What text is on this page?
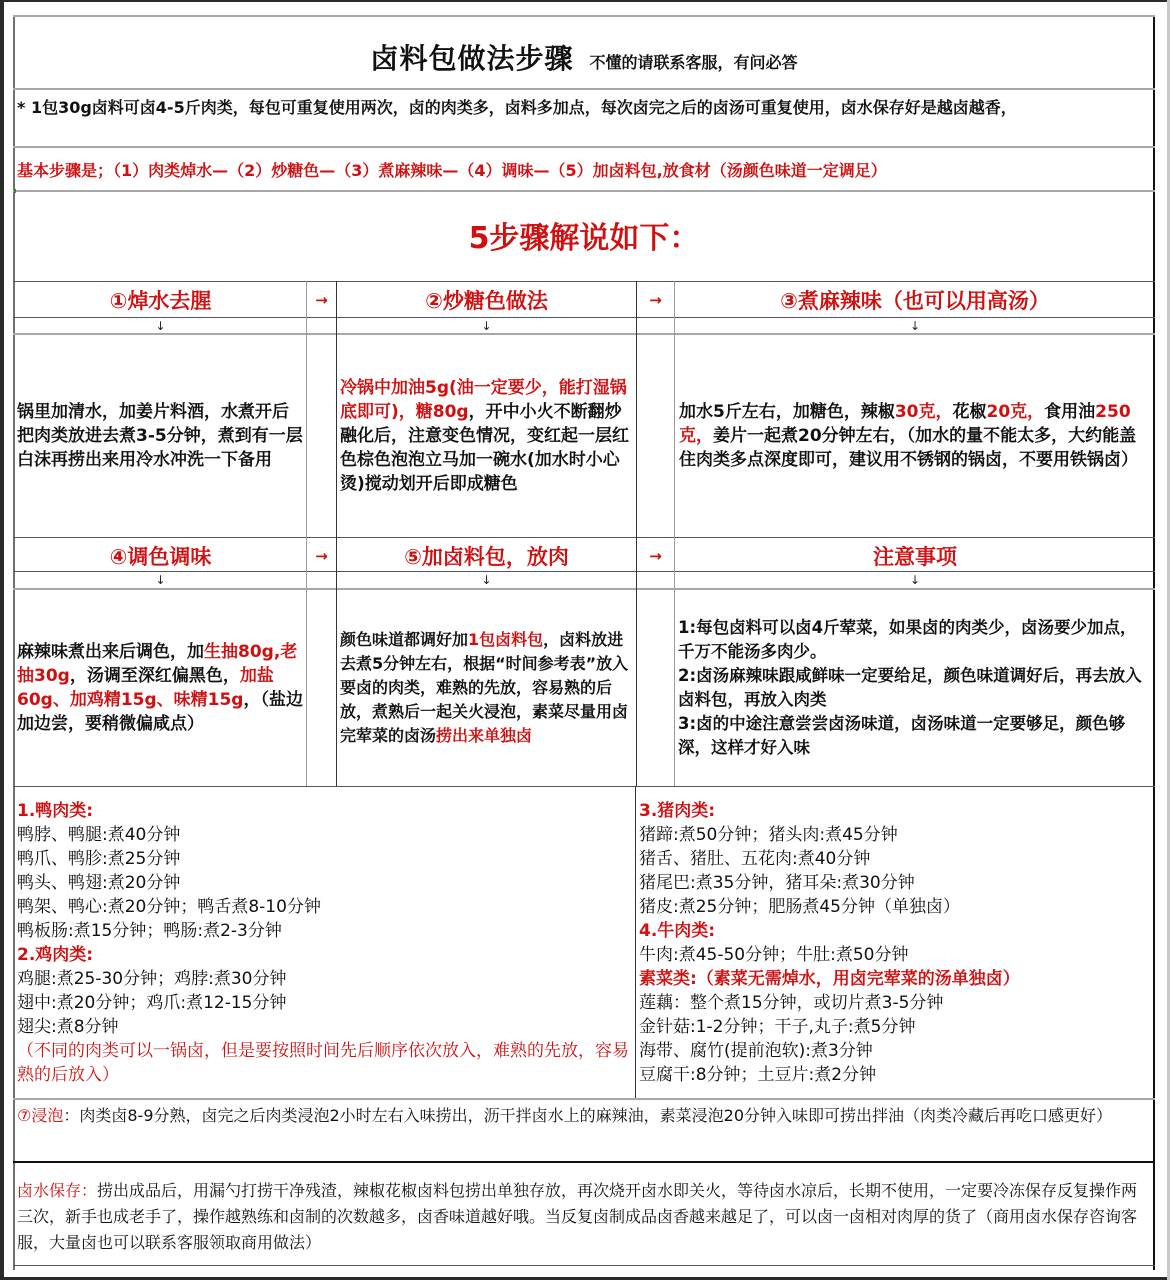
卤料包做法步骤 不懂的请联系客服，有问必答
* 1包30g卤料可卤4-5斤肉类，每包可重复使用两次，卤的肉类多，卤料多加点，每次卤完之后的卤汤可重复使用，卤水保存好是越卤越香，
基本步骤是；（1）肉类焯水—（2）炒糖色—（3）煮麻辣味—（4）调味—（5）加卤料包,放食材（汤颜色味道一定调足）
5步骤解说如下：
①焯水去腥	→	②炒糖色做法	→	③煮麻辣味（也可以用高汤）
↓	↓	↓
锅里加清水，加姜片料酒，水煮开后把肉类放进去煮3-5分钟，煮到有一层白沫再捞出来用冷水冲洗一下备用
冷锅中加油5g(油一定要少，能打湿锅底即可)，糖80g，开中小火不断翻炒融化后，注意变色情况，变红起一层红色棕色泡泡立马加一碗水(加水时小心烫)搅动划开后即成糖色
加水5斤左右，加糖色，辣椒30克，花椒20克，食用油250克，姜片一起煮20分钟左右，（加水的量不能太多，大约能盖住肉类多点深度即可，建议用不锈钢的锅卤，不要用铁锅卤）
④调色调味	→	⑤加卤料包，放肉	→	注意事项
↓	↓	↓
麻辣味煮出来后调色，加生抽80g,老抽30g，汤调至深红偏黑色，加盐60g、加鸡精15g、味精15g，（盐边加边尝，要稍微偏咸点）
颜色味道都调好加1包卤料包，卤料放进去煮5分钟左右，根据“时间参考表”放入要卤的肉类，难熟的先放，容易熟的后放，煮熟后一起关火浸泡，素菜尽量用卤完荤菜的卤汤捞出来单独卤
1:每包卤料可以卤4斤荤菜，如果卤的肉类少，卤汤要少加点，千万不能汤多肉少。
2:卤汤麻辣味跟咸鲜味一定要给足，颜色味道调好后，再去放入卤料包，再放入肉类
3:卤的中途注意尝尝卤汤味道，卤汤味道一定要够足，颜色够深，这样才好入味
1.鸭肉类:
鸭脖、鸭腿:煮40分钟
鸭爪、鸭胗:煮25分钟
鸭头、鸭翅:煮20分钟
鸭架、鸭心:煮20分钟；鸭舌煮8-10分钟
鸭板肠:煮15分钟；鸭肠:煮2-3分钟
2.鸡肉类:
鸡腿:煮25-30分钟；鸡脖:煮30分钟
翅中:煮20分钟；鸡爪:煮12-15分钟
翅尖:煮8分钟
（不同的肉类可以一锅卤，但是要按照时间先后顺序依次放入，难熟的先放，容易熟的后放入）
3.猪肉类:
猪蹄:煮50分钟；猪头肉:煮45分钟
猪舌、猪肚、五花肉:煮40分钟
猪尾巴:煮35分钟，猪耳朵:煮30分钟
猪皮:煮25分钟；肥肠煮45分钟（单独卤）
4.牛肉类:
牛肉:煮45-50分钟；牛肚:煮50分钟
素菜类:（素菜无需焯水，用卤完荤菜的汤单独卤）
莲藕：整个煮15分钟，或切片煮3-5分钟
金针菇:1-2分钟；干子,丸子:煮5分钟
海带、腐竹(提前泡软):煮3分钟
豆腐干:8分钟；土豆片:煮2分钟
⑦浸泡：肉类卤8-9分熟，卤完之后肉类浸泡2小时左右入味捞出，沥干拌卤水上的麻辣油，素菜浸泡20分钟入味即可捞出拌油（肉类冷藏后再吃口感更好）
卤水保存：捞出成品后，用漏勺打捞干净残渣，辣椒花椒卤料包捞出单独存放，再次烧开卤水即关火，等待卤水凉后，长期不使用，一定要冷冻保存反复操作两三次，新手也成老手了，操作越熟练和卤制的次数越多，卤香味道越好哦。当反复卤制成品卤香越来越足了，可以卤一卤相对肉厚的货了（商用卤水保存咨询客服，大量卤也可以联系客服领取商用做法）
